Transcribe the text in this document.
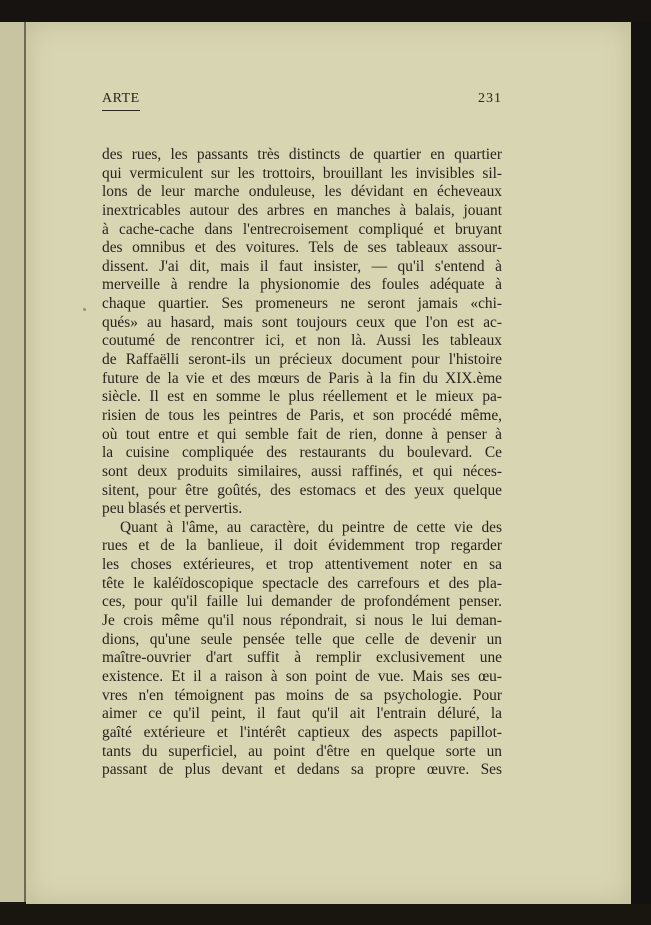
ARTE	231
des rues, les passants très distincts de quartier en quartier
qui vermiculent sur les trottoirs, brouillant les invisibles sil-
lons de leur marche onduleuse, les dévidant en écheveaux
inextricables autour des arbres en manches à balais, jouant
à cache-cache dans l'entrecroisement compliqué et bruyant
des omnibus et des voitures. Tels de ses tableaux assour-
dissent. J'ai dit, mais il faut insister, — qu'il s'entend à
merveille à rendre la physionomie des foules adéquate à
chaque quartier. Ses promeneurs ne seront jamais «chi-
qués» au hasard, mais sont toujours ceux que l'on est ac-
coutumé de rencontrer ici, et non là. Aussi les tableaux
de Raffaëlli seront-ils un précieux document pour l'histoire
future de la vie et des mœurs de Paris à la fin du XIX.ème
siècle. Il est en somme le plus réellement et le mieux pa-
risien de tous les peintres de Paris, et son procédé même,
où tout entre et qui semble fait de rien, donne à penser à
la cuisine compliquée des restaurants du boulevard. Ce
sont deux produits similaires, aussi raffinés, et qui néces-
sitent, pour être goûtés, des estomacs et des yeux quelque
peu blasés et pervertis.
Quant à l'âme, au caractère, du peintre de cette vie des
rues et de la banlieue, il doit évidemment trop regarder
les choses extérieures, et trop attentivement noter en sa
tête le kaléïdoscopique spectacle des carrefours et des pla-
ces, pour qu'il faille lui demander de profondément penser.
Je crois même qu'il nous répondrait, si nous le lui deman-
dions, qu'une seule pensée telle que celle de devenir un
maître-ouvrier d'art suffit à remplir exclusivement une
existence. Et il a raison à son point de vue. Mais ses œu-
vres n'en témoignent pas moins de sa psychologie. Pour
aimer ce qu'il peint, il faut qu'il ait l'entrain déluré, la
gaîté extérieure et l'intérêt captieux des aspects papillot-
tants du superficiel, au point d'être en quelque sorte un
passant de plus devant et dedans sa propre œuvre. Ses
